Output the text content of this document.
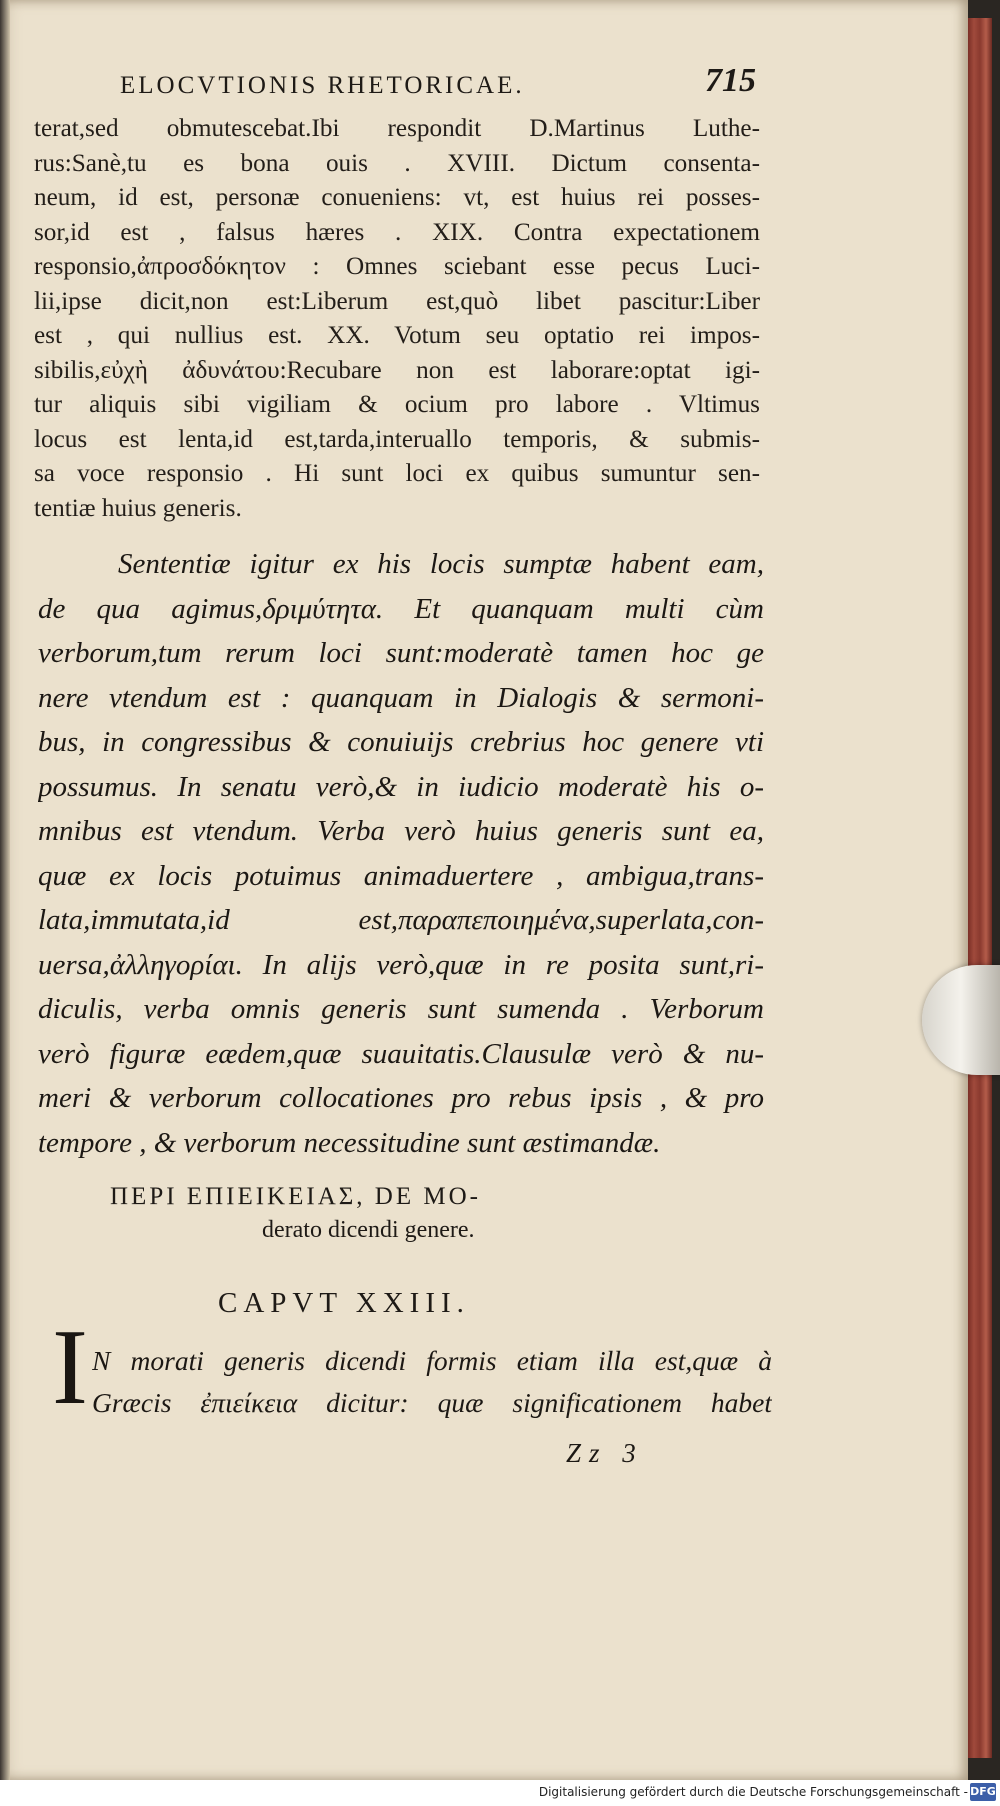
ELOCVTIONIS RHETORICAE.	715
terat,sed obmutescebat.Ibi respondit D.Martinus Luthe-
rus:Sanè,tu es bona ouis . XVIII. Dictum consenta-
neum, id est, personæ conueniens: vt, est huius rei posses-
sor,id est , falsus hæres . XIX. Contra expectationem
responsio,ἀπροσδόκητον : Omnes sciebant esse pecus Luci-
lii,ipse dicit,non est:Liberum est,quò libet pascitur:Liber
est , qui nullius est. XX. Votum seu optatio rei impos-
sibilis,εὐχὴ ἀδυνάτου:Recubare non est laborare:optat igi-
tur aliquis sibi vigiliam & ocium pro labore . Vltimus
locus est lenta,id est,tarda,interuallo temporis, & submis-
sa voce responsio . Hi sunt loci ex quibus sumuntur sen-
tentiæ huius generis.
Sententiæ igitur ex his locis sumptæ habent eam,
de qua agimus,δριμύτητα. Et quanquam multi cùm
verborum,tum rerum loci sunt:moderatè tamen hoc ge
nere vtendum est : quanquam in Dialogis & sermoni-
bus, in congressibus & conuiuijs crebrius hoc genere vti
possumus. In senatu verò,& in iudicio moderatè his o-
mnibus est vtendum. Verba verò huius generis sunt ea,
quæ ex locis potuimus animaduertere , ambigua,trans-
lata,immutata,id est,παραπεποιημένα,superlata,con-
uersa,ἀλληγορίαι. In alijs verò,quæ in re posita sunt,ri-
diculis, verba omnis generis sunt sumenda . Verborum
verò figuræ eædem,quæ suauitatis.Clausulæ verò & nu-
meri & verborum collocationes pro rebus ipsis , & pro
tempore , & verborum necessitudine sunt æstimandæ.
ΠΕΡΙ ΕΠΙΕΙΚΕΙΑΣ, DE MO-
derato dicendi genere.
CAPVT XXIII.
I N morati generis dicendi formis etiam illa est,quæ à
Græcis ἐπιείκεια dicitur: quæ significationem habet
Zz 3
Digitalisierung gefördert durch die Deutsche Forschungsgemeinschaft - DFG
